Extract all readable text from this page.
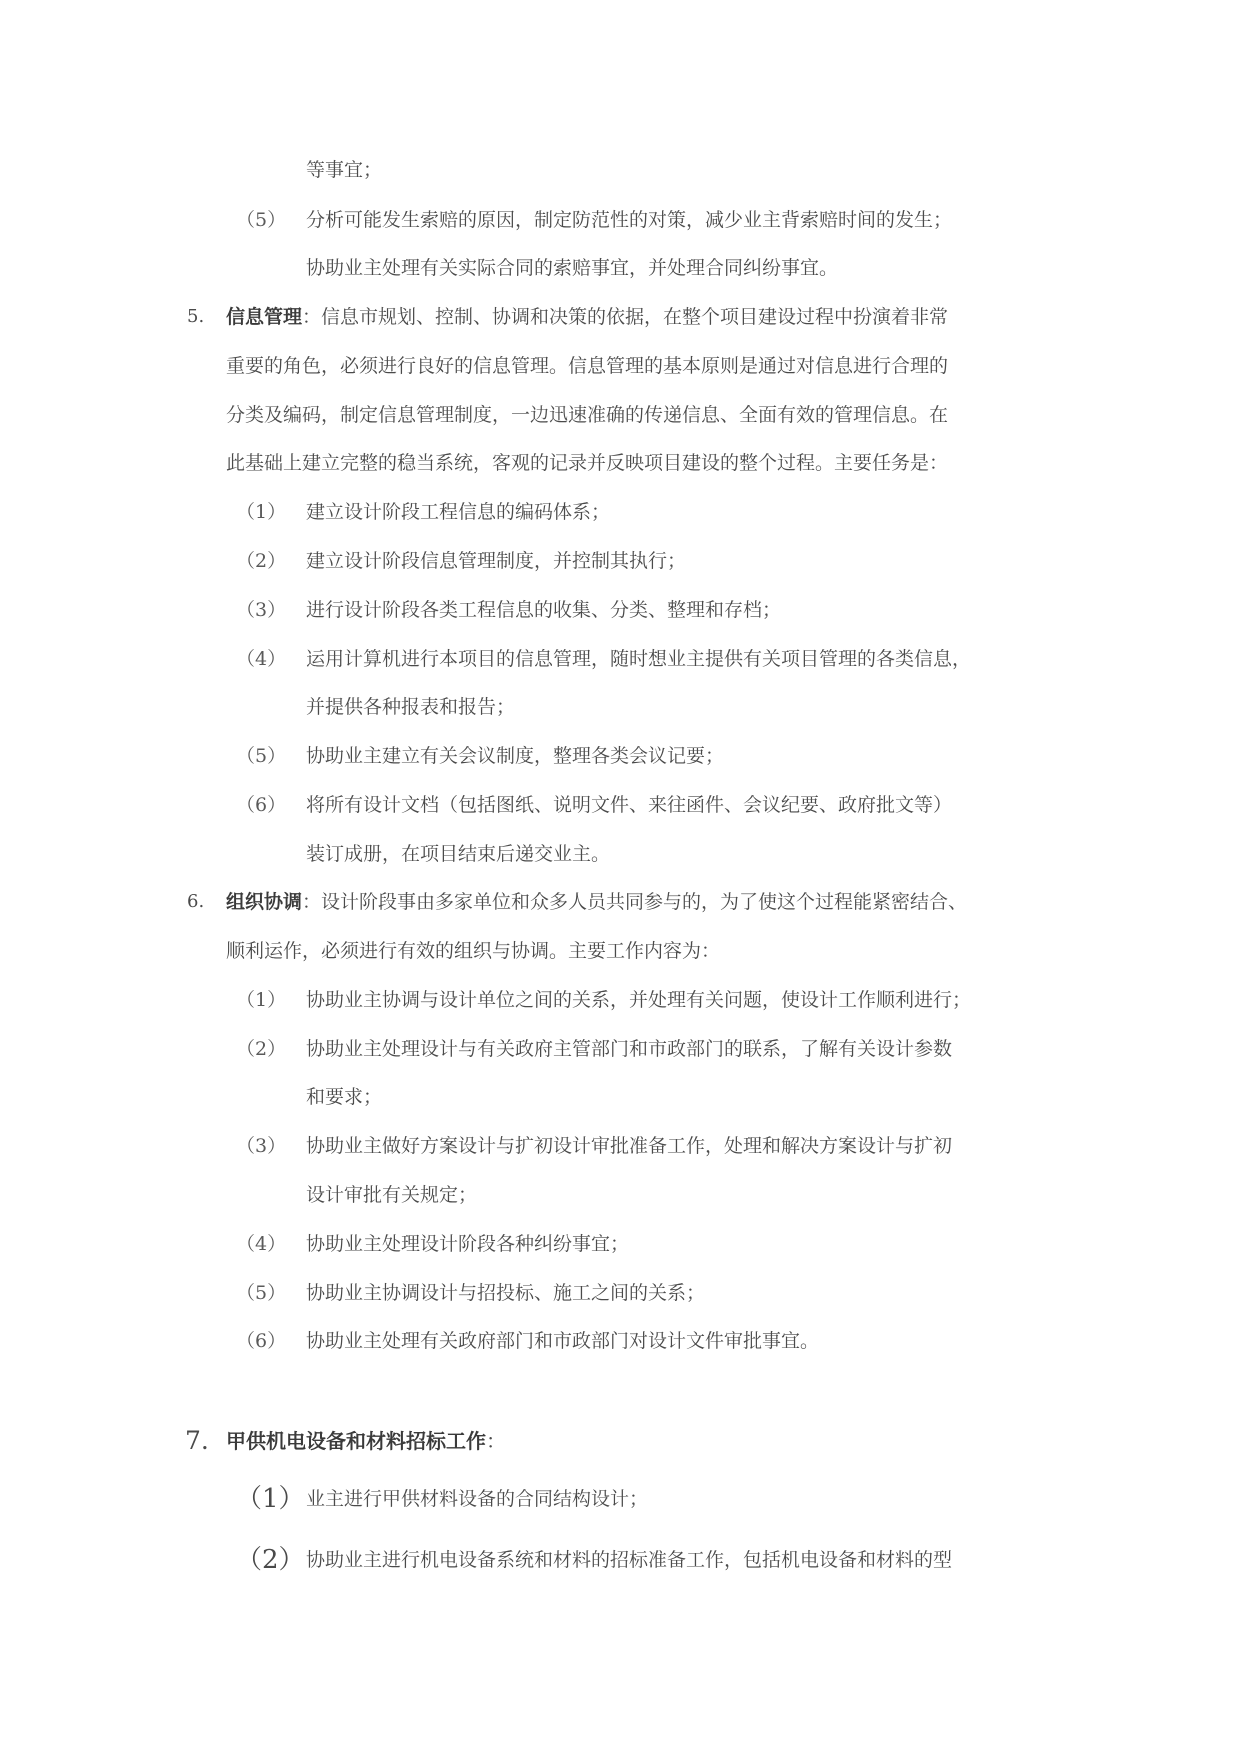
等事宜；
（5） 分析可能发生索赔的原因，制定防范性的对策，减少业主背索赔时间的发生；
协助业主处理有关实际合同的索赔事宜，并处理合同纠纷事宜。
5. 信息管理：信息市规划、控制、协调和决策的依据，在整个项目建设过程中扮演着非常
重要的角色，必须进行良好的信息管理。信息管理的基本原则是通过对信息进行合理的
分类及编码，制定信息管理制度，一边迅速准确的传递信息、全面有效的管理信息。在
此基础上建立完整的稳当系统，客观的记录并反映项目建设的整个过程。主要任务是：
（1） 建立设计阶段工程信息的编码体系；
（2） 建立设计阶段信息管理制度，并控制其执行；
（3） 进行设计阶段各类工程信息的收集、分类、整理和存档；
（4） 运用计算机进行本项目的信息管理，随时想业主提供有关项目管理的各类信息，
并提供各种报表和报告；
（5） 协助业主建立有关会议制度，整理各类会议记要；
（6） 将所有设计文档（包括图纸、说明文件、来往函件、会议纪要、政府批文等）
装订成册，在项目结束后递交业主。
6. 组织协调：设计阶段事由多家单位和众多人员共同参与的，为了使这个过程能紧密结合、
顺利运作，必须进行有效的组织与协调。主要工作内容为：
（1） 协助业主协调与设计单位之间的关系，并处理有关问题，使设计工作顺利进行；
（2） 协助业主处理设计与有关政府主管部门和市政部门的联系，了解有关设计参数
和要求；
（3） 协助业主做好方案设计与扩初设计审批准备工作，处理和解决方案设计与扩初
设计审批有关规定；
（4） 协助业主处理设计阶段各种纠纷事宜；
（5） 协助业主协调设计与招投标、施工之间的关系；
（6） 协助业主处理有关政府部门和市政部门对设计文件审批事宜。
7. 甲供机电设备和材料招标工作：
（1） 业主进行甲供材料设备的合同结构设计；
（2） 协助业主进行机电设备系统和材料的招标准备工作，包括机电设备和材料的型
